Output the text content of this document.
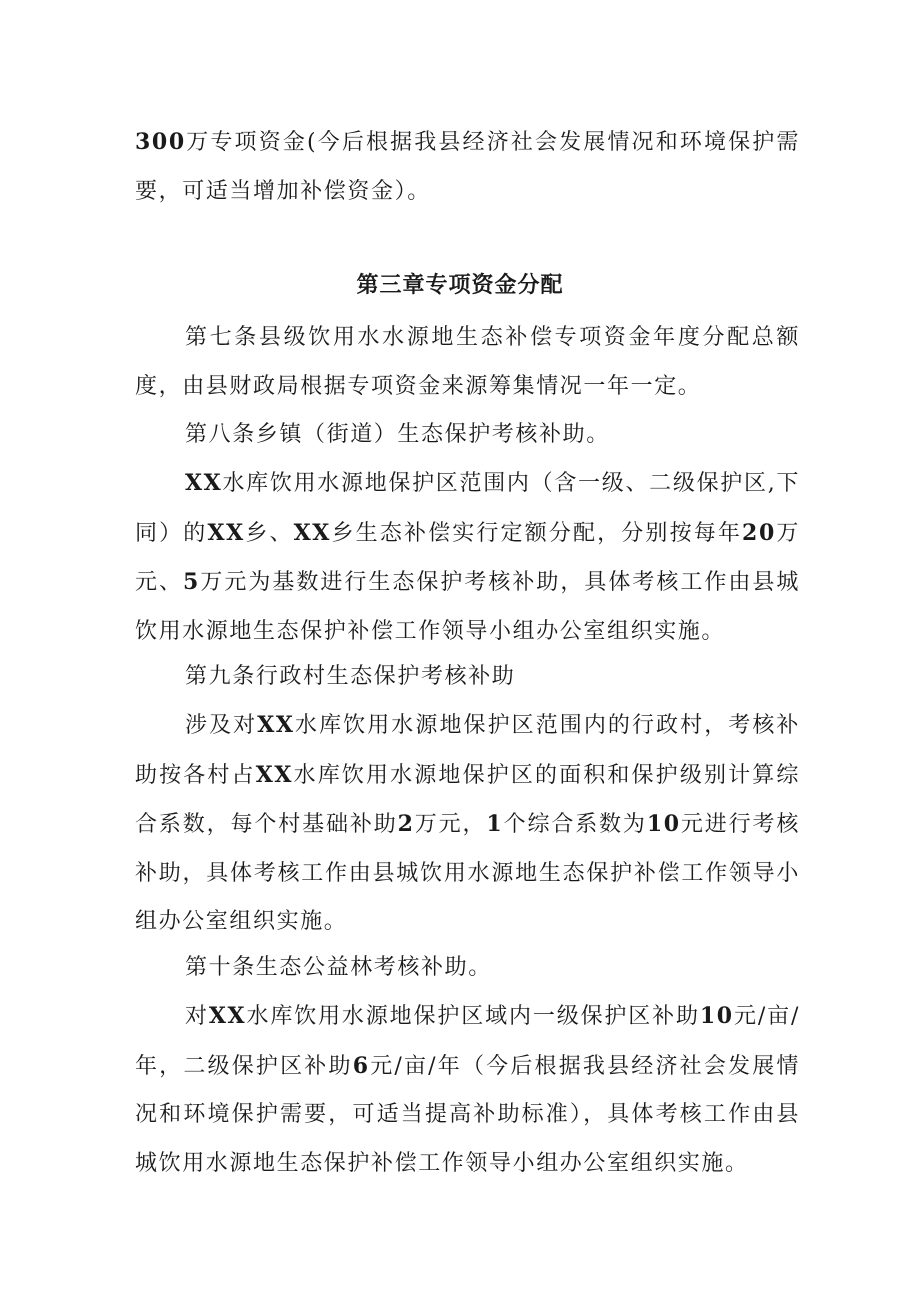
300万专项资金(今后根据我县经济社会发展情况和环境保护需要，可适当增加补偿资金）。
第三章专项资金分配
第七条县级饮用水水源地生态补偿专项资金年度分配总额度，由县财政局根据专项资金来源筹集情况一年一定。
第八条乡镇（街道）生态保护考核补助。
XX水库饮用水源地保护区范围内（含一级、二级保护区,下同）的XX乡、XX乡生态补偿实行定额分配，分别按每年20万元、5万元为基数进行生态保护考核补助，具体考核工作由县城饮用水源地生态保护补偿工作领导小组办公室组织实施。
第九条行政村生态保护考核补助
涉及对XX水库饮用水源地保护区范围内的行政村，考核补助按各村占XX水库饮用水源地保护区的面积和保护级别计算综合系数，每个村基础补助2万元，1个综合系数为10元进行考核补助，具体考核工作由县城饮用水源地生态保护补偿工作领导小组办公室组织实施。
第十条生态公益林考核补助。
对XX水库饮用水源地保护区域内一级保护区补助10元/亩/年，二级保护区补助6元/亩/年（今后根据我县经济社会发展情况和环境保护需要，可适当提高补助标准），具体考核工作由县城饮用水源地生态保护补偿工作领导小组办公室组织实施。
